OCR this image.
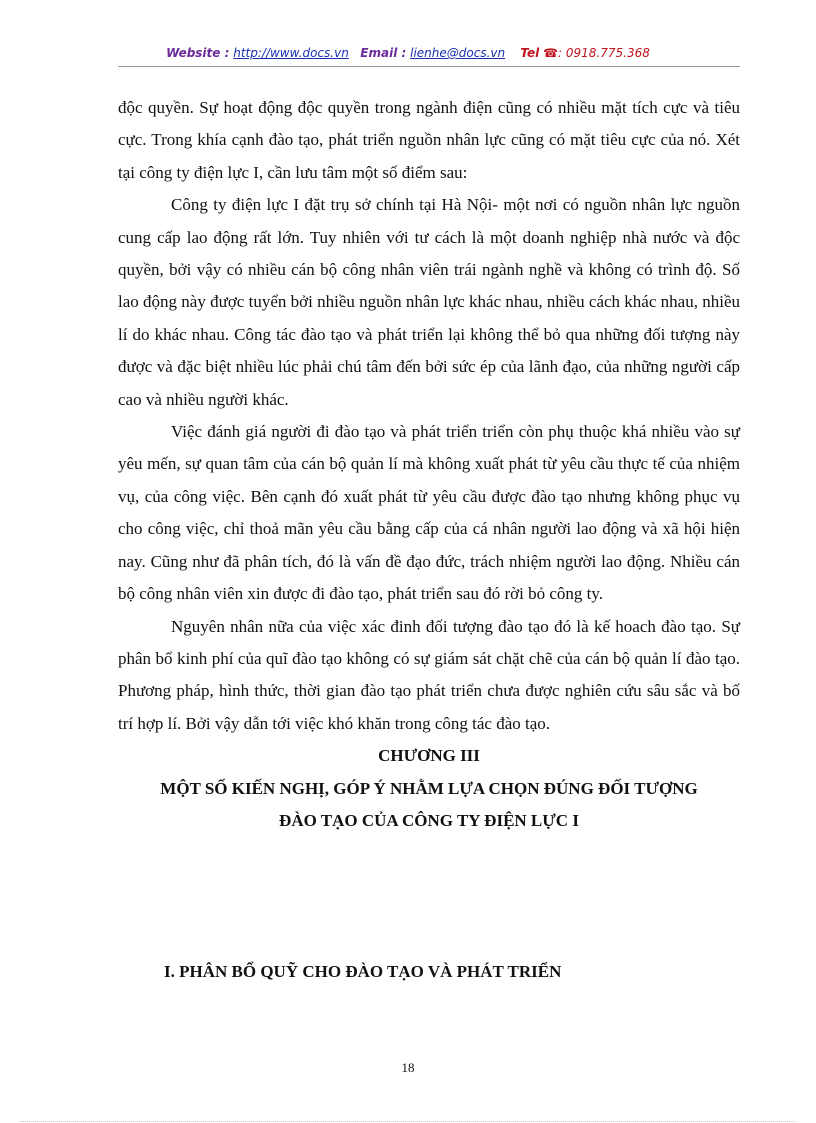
Website : http://www.docs.vn Email : lienhe@docs.vn Tel ☎: 0918.775.368

độc quyền. Sự hoạt động độc quyền trong ngành điện cũng có nhiều mặt tích cực và tiêu cực. Trong khía cạnh đào tạo, phát triển nguồn nhân lực cũng có mặt tiêu cực của nó. Xét tại công ty điện lực I, cần lưu tâm một số điểm sau:

Công ty điện lực I đặt trụ sở chính tại Hà Nội- một nơi có nguồn nhân lực nguồn cung cấp lao động rất lớn. Tuy nhiên với tư cách là một doanh nghiệp nhà nước và độc quyền, bởi vậy có nhiều cán bộ công nhân viên trái ngành nghề và không có trình độ. Số lao động này được tuyển bởi nhiều nguồn nhân lực khác nhau, nhiều cách khác nhau, nhiều lí do khác nhau. Công tác đào tạo và phát triển lại không thể bỏ qua những đối tượng này được và đặc biệt nhiều lúc phải chú tâm đến bởi sức ép của lãnh đạo, của những người cấp cao và nhiều người khác.

Việc đánh giá người đi đào tạo và phát triển triển còn phụ thuộc khá nhiều vào sự yêu mến, sự quan tâm của cán bộ quản lí mà không xuất phát từ yêu cầu thực tế của nhiệm vụ, của công việc. Bên cạnh đó xuất phát từ yêu cầu được đào tạo nhưng không phục vụ cho công việc, chỉ thoả mãn yêu cầu bằng cấp của cá nhân người lao động và xã hội hiện nay. Cũng như đã phân tích, đó là vấn đề đạo đức, trách nhiệm người lao động. Nhiều cán bộ công nhân viên xin được đi đào tạo, phát triển sau đó rời bỏ công ty.

Nguyên nhân nữa của việc xác đinh đối tượng đào tạo đó là kế hoach đào tạo. Sự phân bổ kinh phí của quĩ đào tạo không có sự giám sát chặt chẽ của cán bộ quản lí đào tạo. Phương pháp, hình thức, thời gian đào tạo phát triển chưa được nghiên cứu sâu sắc và bố trí hợp lí. Bởi vậy dẫn tới việc khó khăn trong công tác đào tạo.

CHƯƠNG III
MỘT SỐ KIẾN NGHỊ, GÓP Ý NHẰM LỰA CHỌN ĐÚNG ĐỐI TƯỢNG
ĐÀO TẠO CỦA CÔNG TY ĐIỆN LỰC I
I. PHÂN BỔ QUỸ CHO ĐÀO TẠO VÀ PHÁT TRIỂN
18
